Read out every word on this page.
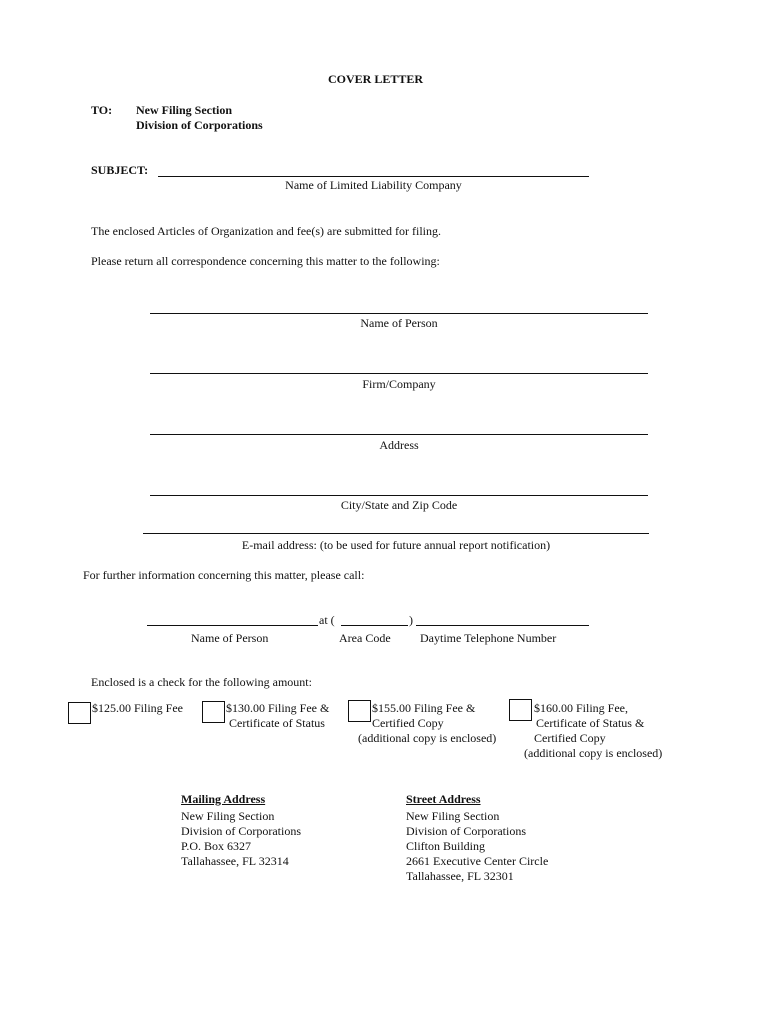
COVER LETTER
TO: New Filing Section
Division of Corporations
SUBJECT:
Name of Limited Liability Company
The enclosed Articles of Organization and fee(s) are submitted for filing.
Please return all correspondence concerning this matter to the following:
Name of Person
Firm/Company
Address
City/State and Zip Code
E-mail address: (to be used for future annual report notification)
For further information concerning this matter, please call:
at (	)
Name of Person	Area Code Daytime Telephone Number
Enclosed is a check for the following amount:
$125.00 Filing Fee	$130.00 Filing Fee &
Certificate of Status
$155.00 Filing Fee &
Certified Copy
(additional copy is enclosed)
$160.00 Filing Fee,
Certificate of Status &
Certified Copy
(additional copy is enclosed)
Mailing Address
New Filing Section
Division of Corporations
P.O. Box 6327
Tallahassee, FL 32314
Street Address
New Filing Section
Division of Corporations
Clifton Building
2661 Executive Center Circle
Tallahassee, FL 32301
